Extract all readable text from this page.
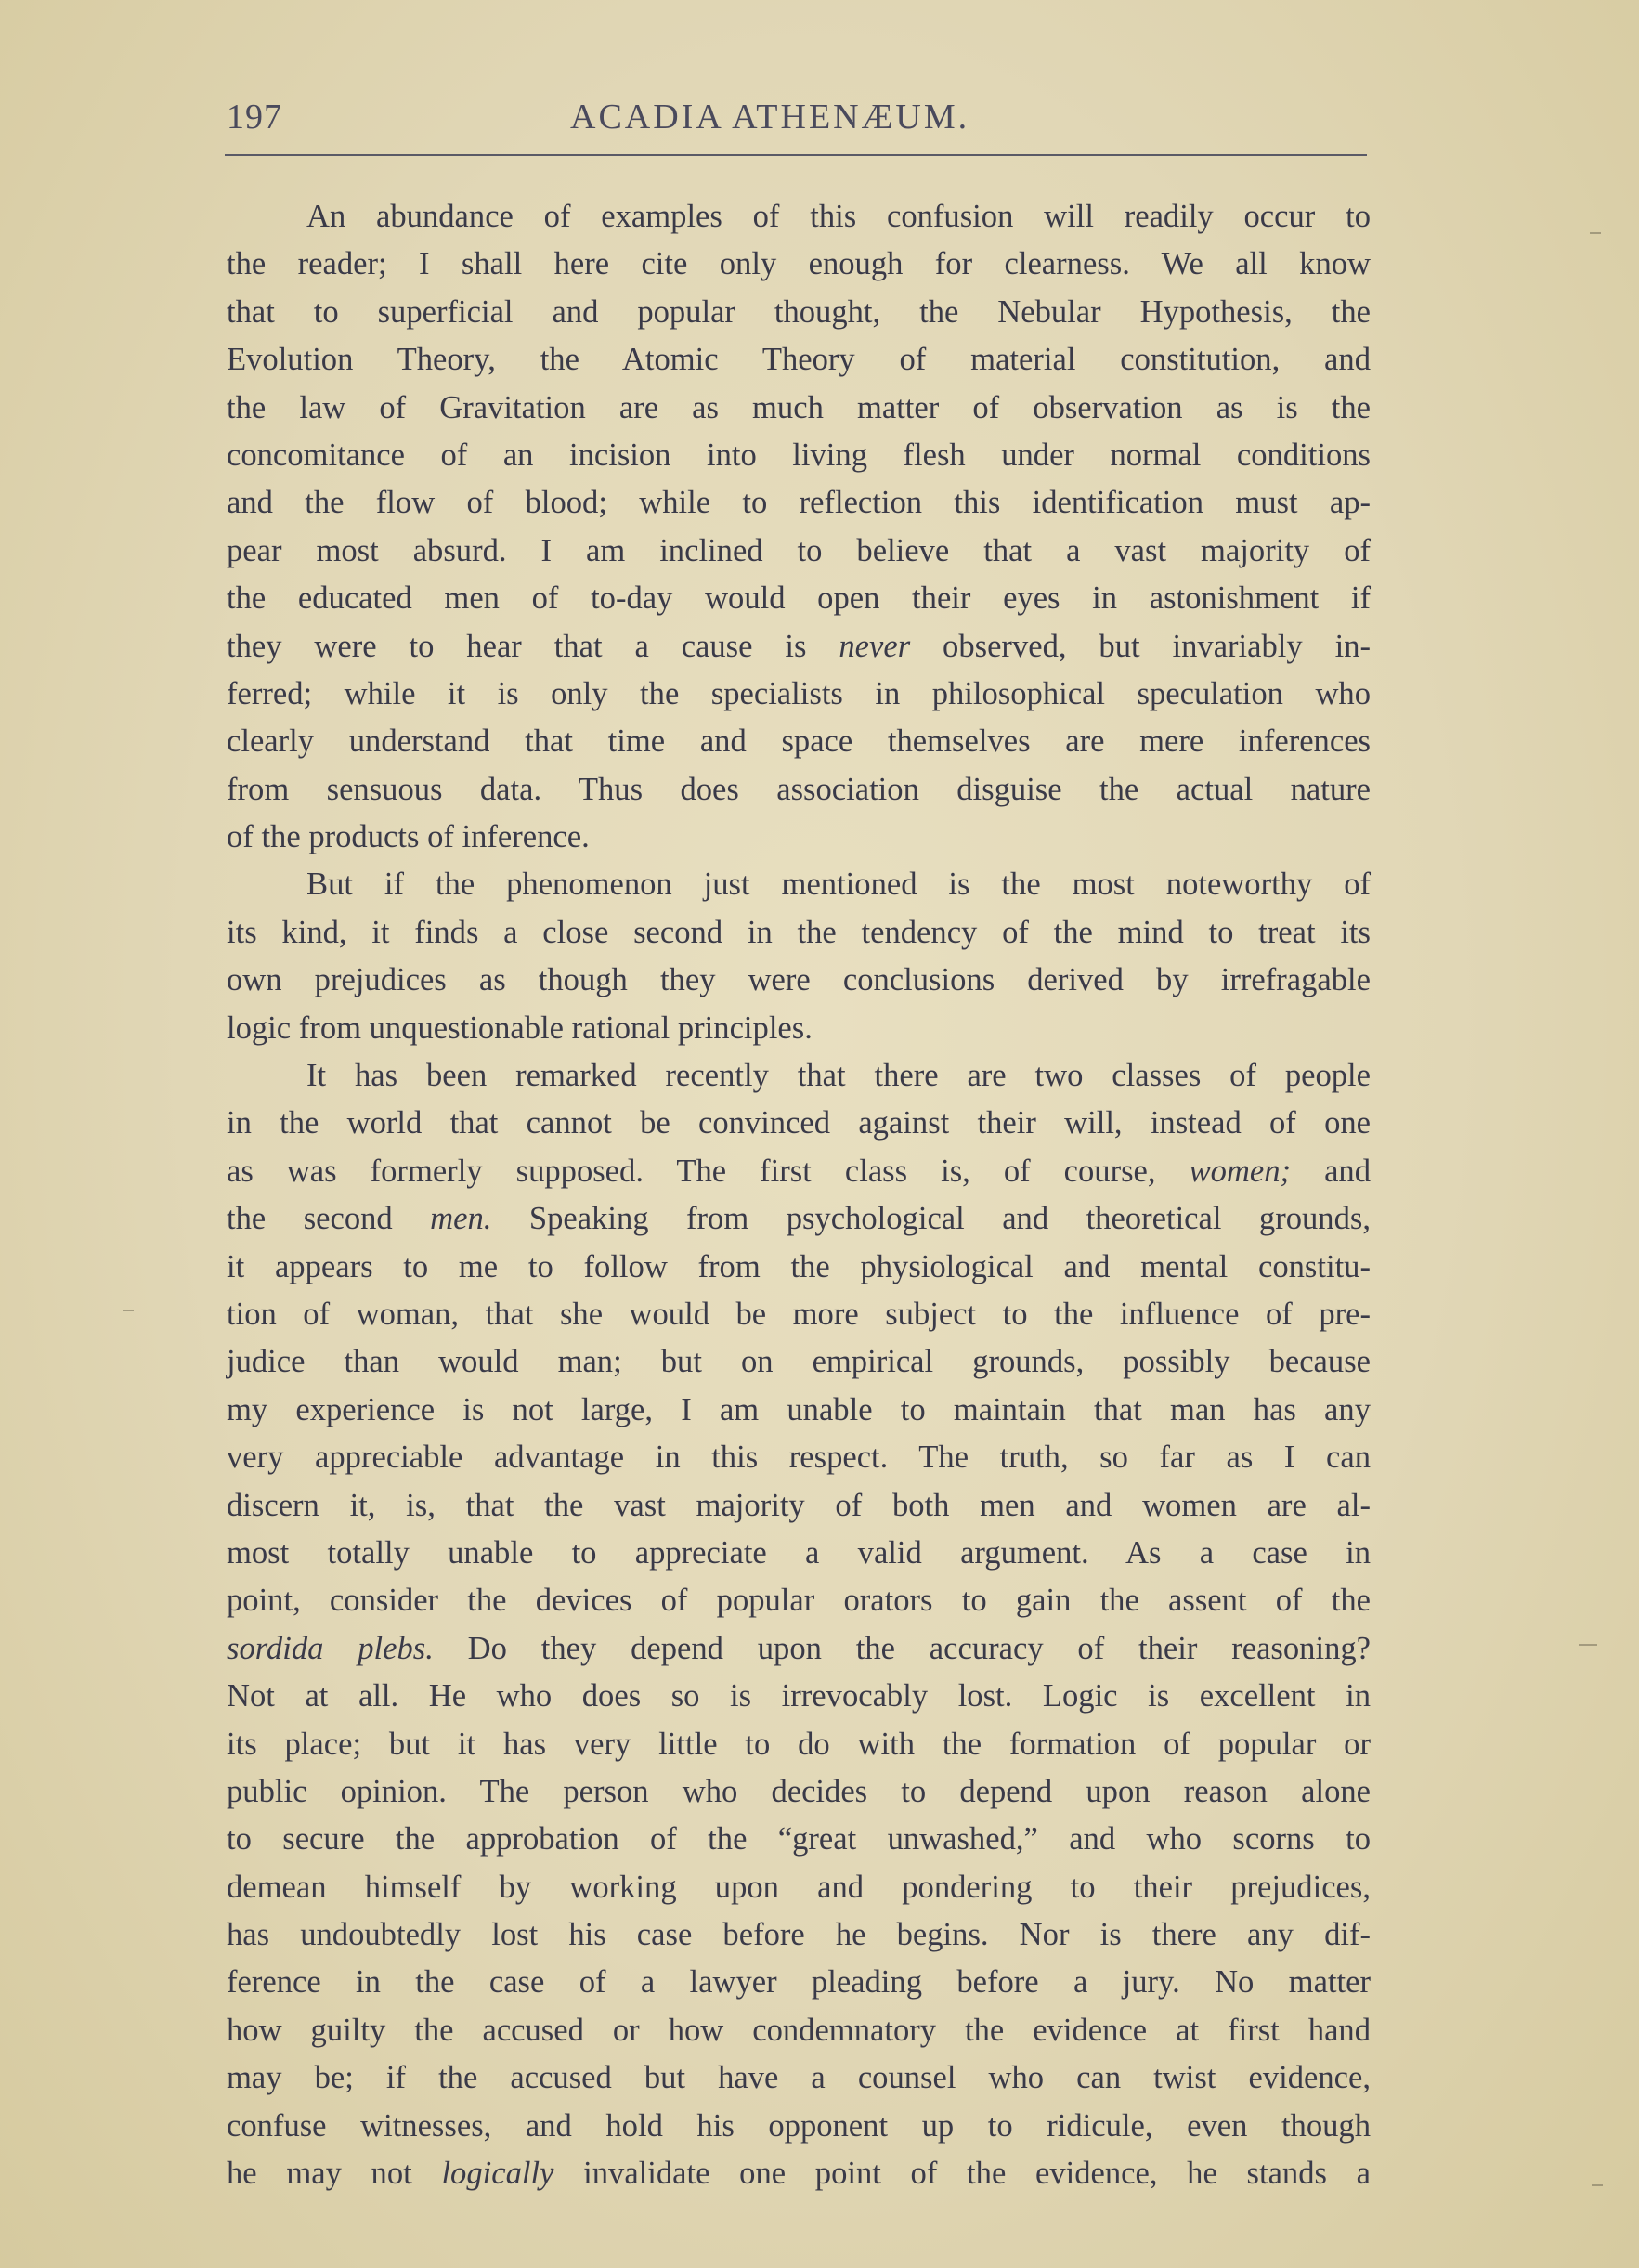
197	ACADIA ATHENÆUM.
An abundance of examples of this confusion will readily occur to
the reader; I shall here cite only enough for clearness. We all know
that to superficial and popular thought, the Nebular Hypothesis, the
Evolution Theory, the Atomic Theory of material constitution, and
the law of Gravitation are as much matter of observation as is the
concomitance of an incision into living flesh under normal conditions
and the flow of blood; while to reflection this identification must ap-
pear most absurd. I am inclined to believe that a vast majority of
the educated men of to-day would open their eyes in astonishment if
they were to hear that a cause is never observed, but invariably in-
ferred; while it is only the specialists in philosophical speculation who
clearly understand that time and space themselves are mere inferences
from sensuous data. Thus does association disguise the actual nature
of the products of inference.
But if the phenomenon just mentioned is the most noteworthy of
its kind, it finds a close second in the tendency of the mind to treat its
own prejudices as though they were conclusions derived by irrefragable
logic from unquestionable rational principles.
It has been remarked recently that there are two classes of people
in the world that cannot be convinced against their will, instead of one
as was formerly supposed. The first class is, of course, women; and
the second men. Speaking from psychological and theoretical grounds,
it appears to me to follow from the physiological and mental constitu-
tion of woman, that she would be more subject to the influence of pre-
judice than would man; but on empirical grounds, possibly because
my experience is not large, I am unable to maintain that man has any
very appreciable advantage in this respect. The truth, so far as I can
discern it, is, that the vast majority of both men and women are al-
most totally unable to appreciate a valid argument. As a case in
point, consider the devices of popular orators to gain the assent of the
sordida plebs. Do they depend upon the accuracy of their reasoning?
Not at all. He who does so is irrevocably lost. Logic is excellent in
its place; but it has very little to do with the formation of popular or
public opinion. The person who decides to depend upon reason alone
to secure the approbation of the “great unwashed,” and who scorns to
demean himself by working upon and pondering to their prejudices,
has undoubtedly lost his case before he begins. Nor is there any dif-
ference in the case of a lawyer pleading before a jury. No matter
how guilty the accused or how condemnatory the evidence at first hand
may be; if the accused but have a counsel who can twist evidence,
confuse witnesses, and hold his opponent up to ridicule, even though
he may not logically invalidate one point of the evidence, he stands a
